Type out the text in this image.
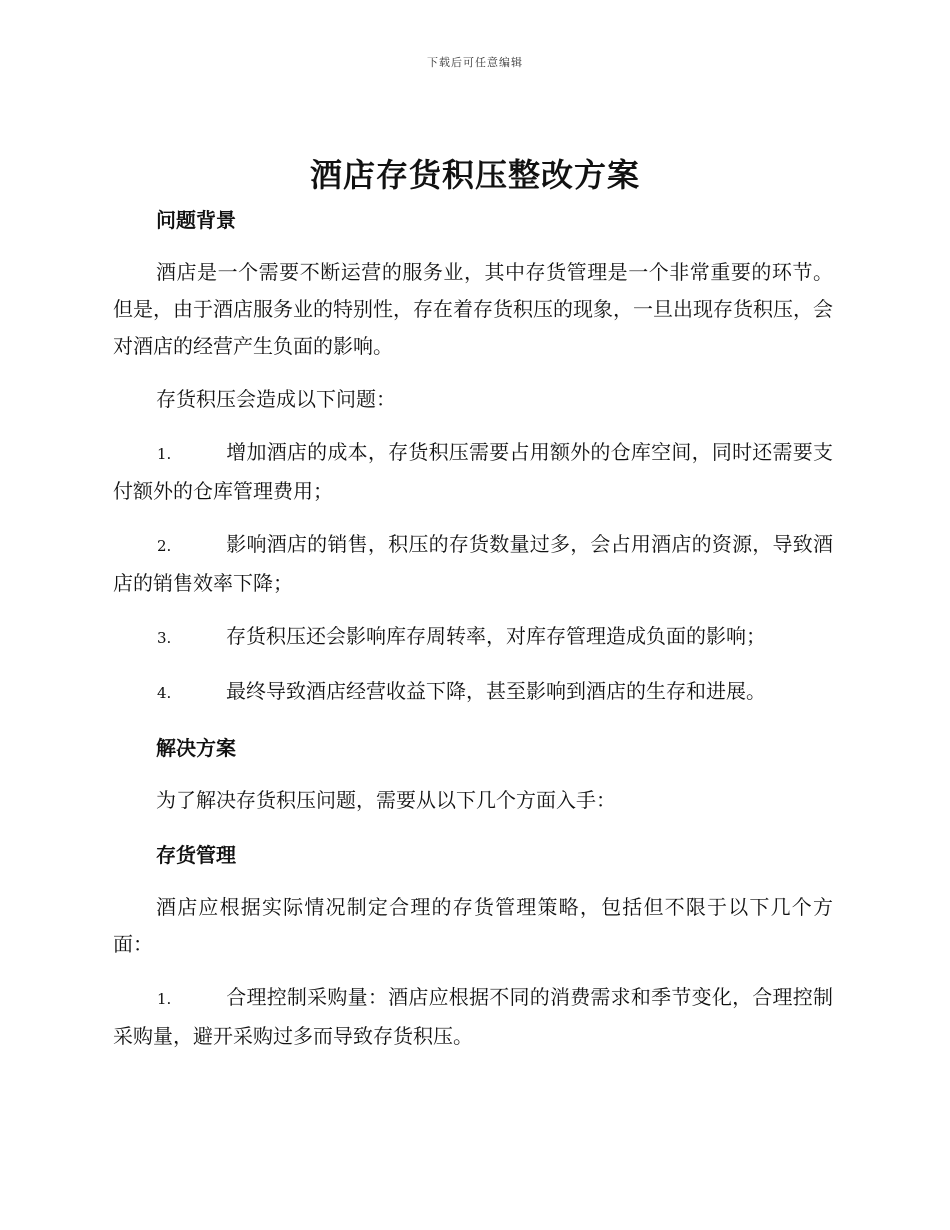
下载后可任意编辑
酒店存货积压整改方案
问题背景

酒店是一个需要不断运营的服务业，其中存货管理是一个非常重要的环节。但是，由于酒店服务业的特别性，存在着存货积压的现象，一旦出现存货积压，会对酒店的经营产生负面的影响。

存货积压会造成以下问题：

1.	增加酒店的成本，存货积压需要占用额外的仓库空间，同时还需要支付额外的仓库管理费用；

2.	影响酒店的销售，积压的存货数量过多，会占用酒店的资源，导致酒店的销售效率下降；

3.	存货积压还会影响库存周转率，对库存管理造成负面的影响；

4.	最终导致酒店经营收益下降，甚至影响到酒店的生存和进展。

解决方案

为了解决存货积压问题，需要从以下几个方面入手：

存货管理

酒店应根据实际情况制定合理的存货管理策略，包括但不限于以下几个方面：

1.	合理控制采购量：酒店应根据不同的消费需求和季节变化，合理控制采购量，避开采购过多而导致存货积压。
